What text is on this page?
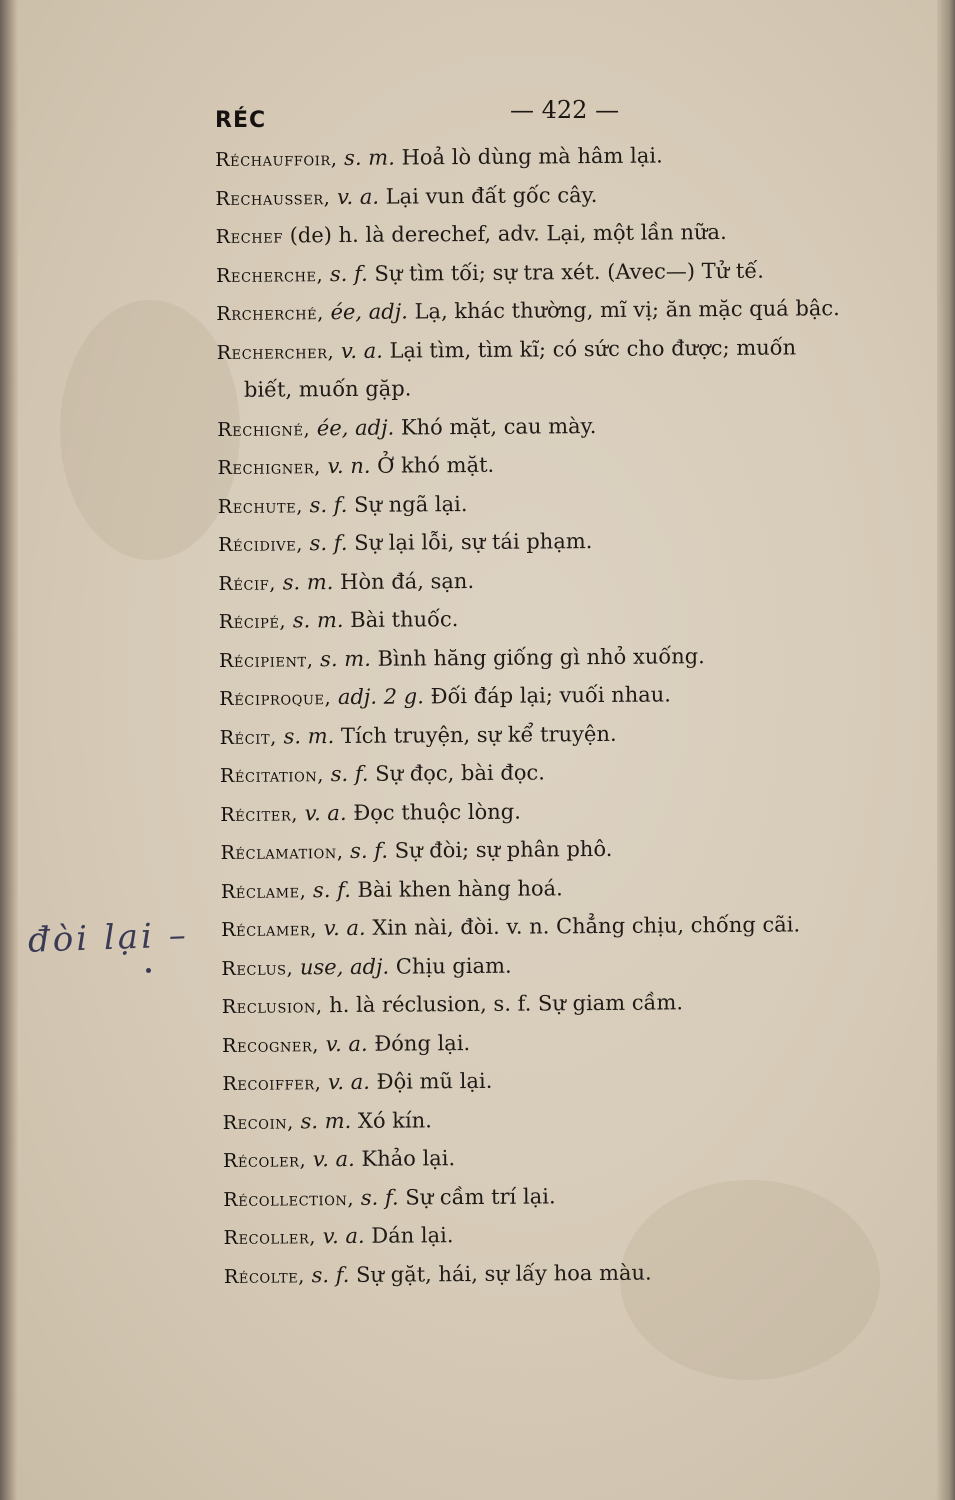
RÉC	— 422 —
Réchauffoir, s. m. Hoả lò dùng mà hâm lại.
Rechausser, v. a. Lại vun đất gốc cây.
Rechef (de) h. là derechef, adv. Lại, một lần nữa.
Recherche, s. f. Sự tìm tối; sự tra xét. (Avec—) Tử tế.
Rrcherché, ée, adj. Lạ, khác thường, mĩ vị; ăn mặc quá bậc.
Rechercher, v. a. Lại tìm, tìm kĩ; có sức cho được; muốn
biết, muốn gặp.
Rechigné, ée, adj. Khó mặt, cau mày.
Rechigner, v. n. Ở khó mặt.
Rechute, s. f. Sự ngã lại.
Récidive, s. f. Sự lại lỗi, sự tái phạm.
Récif, s. m. Hòn đá, sạn.
Récipé, s. m. Bài thuốc.
Récipient, s. m. Bình hăng giống gì nhỏ xuống.
Réciproque, adj. 2 g. Đối đáp lại; vuối nhau.
Récit, s. m. Tích truyện, sự kể truyện.
Récitation, s. f. Sự đọc, bài đọc.
Réciter, v. a. Đọc thuộc lòng.
Réclamation, s. f. Sự đòi; sự phân phô.
Réclame, s. f. Bài khen hàng hoá.
Réclamer, v. a. Xin nài, đòi. v. n. Chẳng chịu, chống cãi.
Reclus, use, adj. Chịu giam.
Reclusion, h. là réclusion, s. f. Sự giam cầm.
Recogner, v. a. Đóng lại.
Recoiffer, v. a. Đội mũ lại.
Recoin, s. m. Xó kín.
Récoler, v. a. Khảo lại.
Récollection, s. f. Sự cầm trí lại.
Recoller, v. a. Dán lại.
Récolte, s. f. Sự gặt, hái, sự lấy hoa màu.
đòi lại –
